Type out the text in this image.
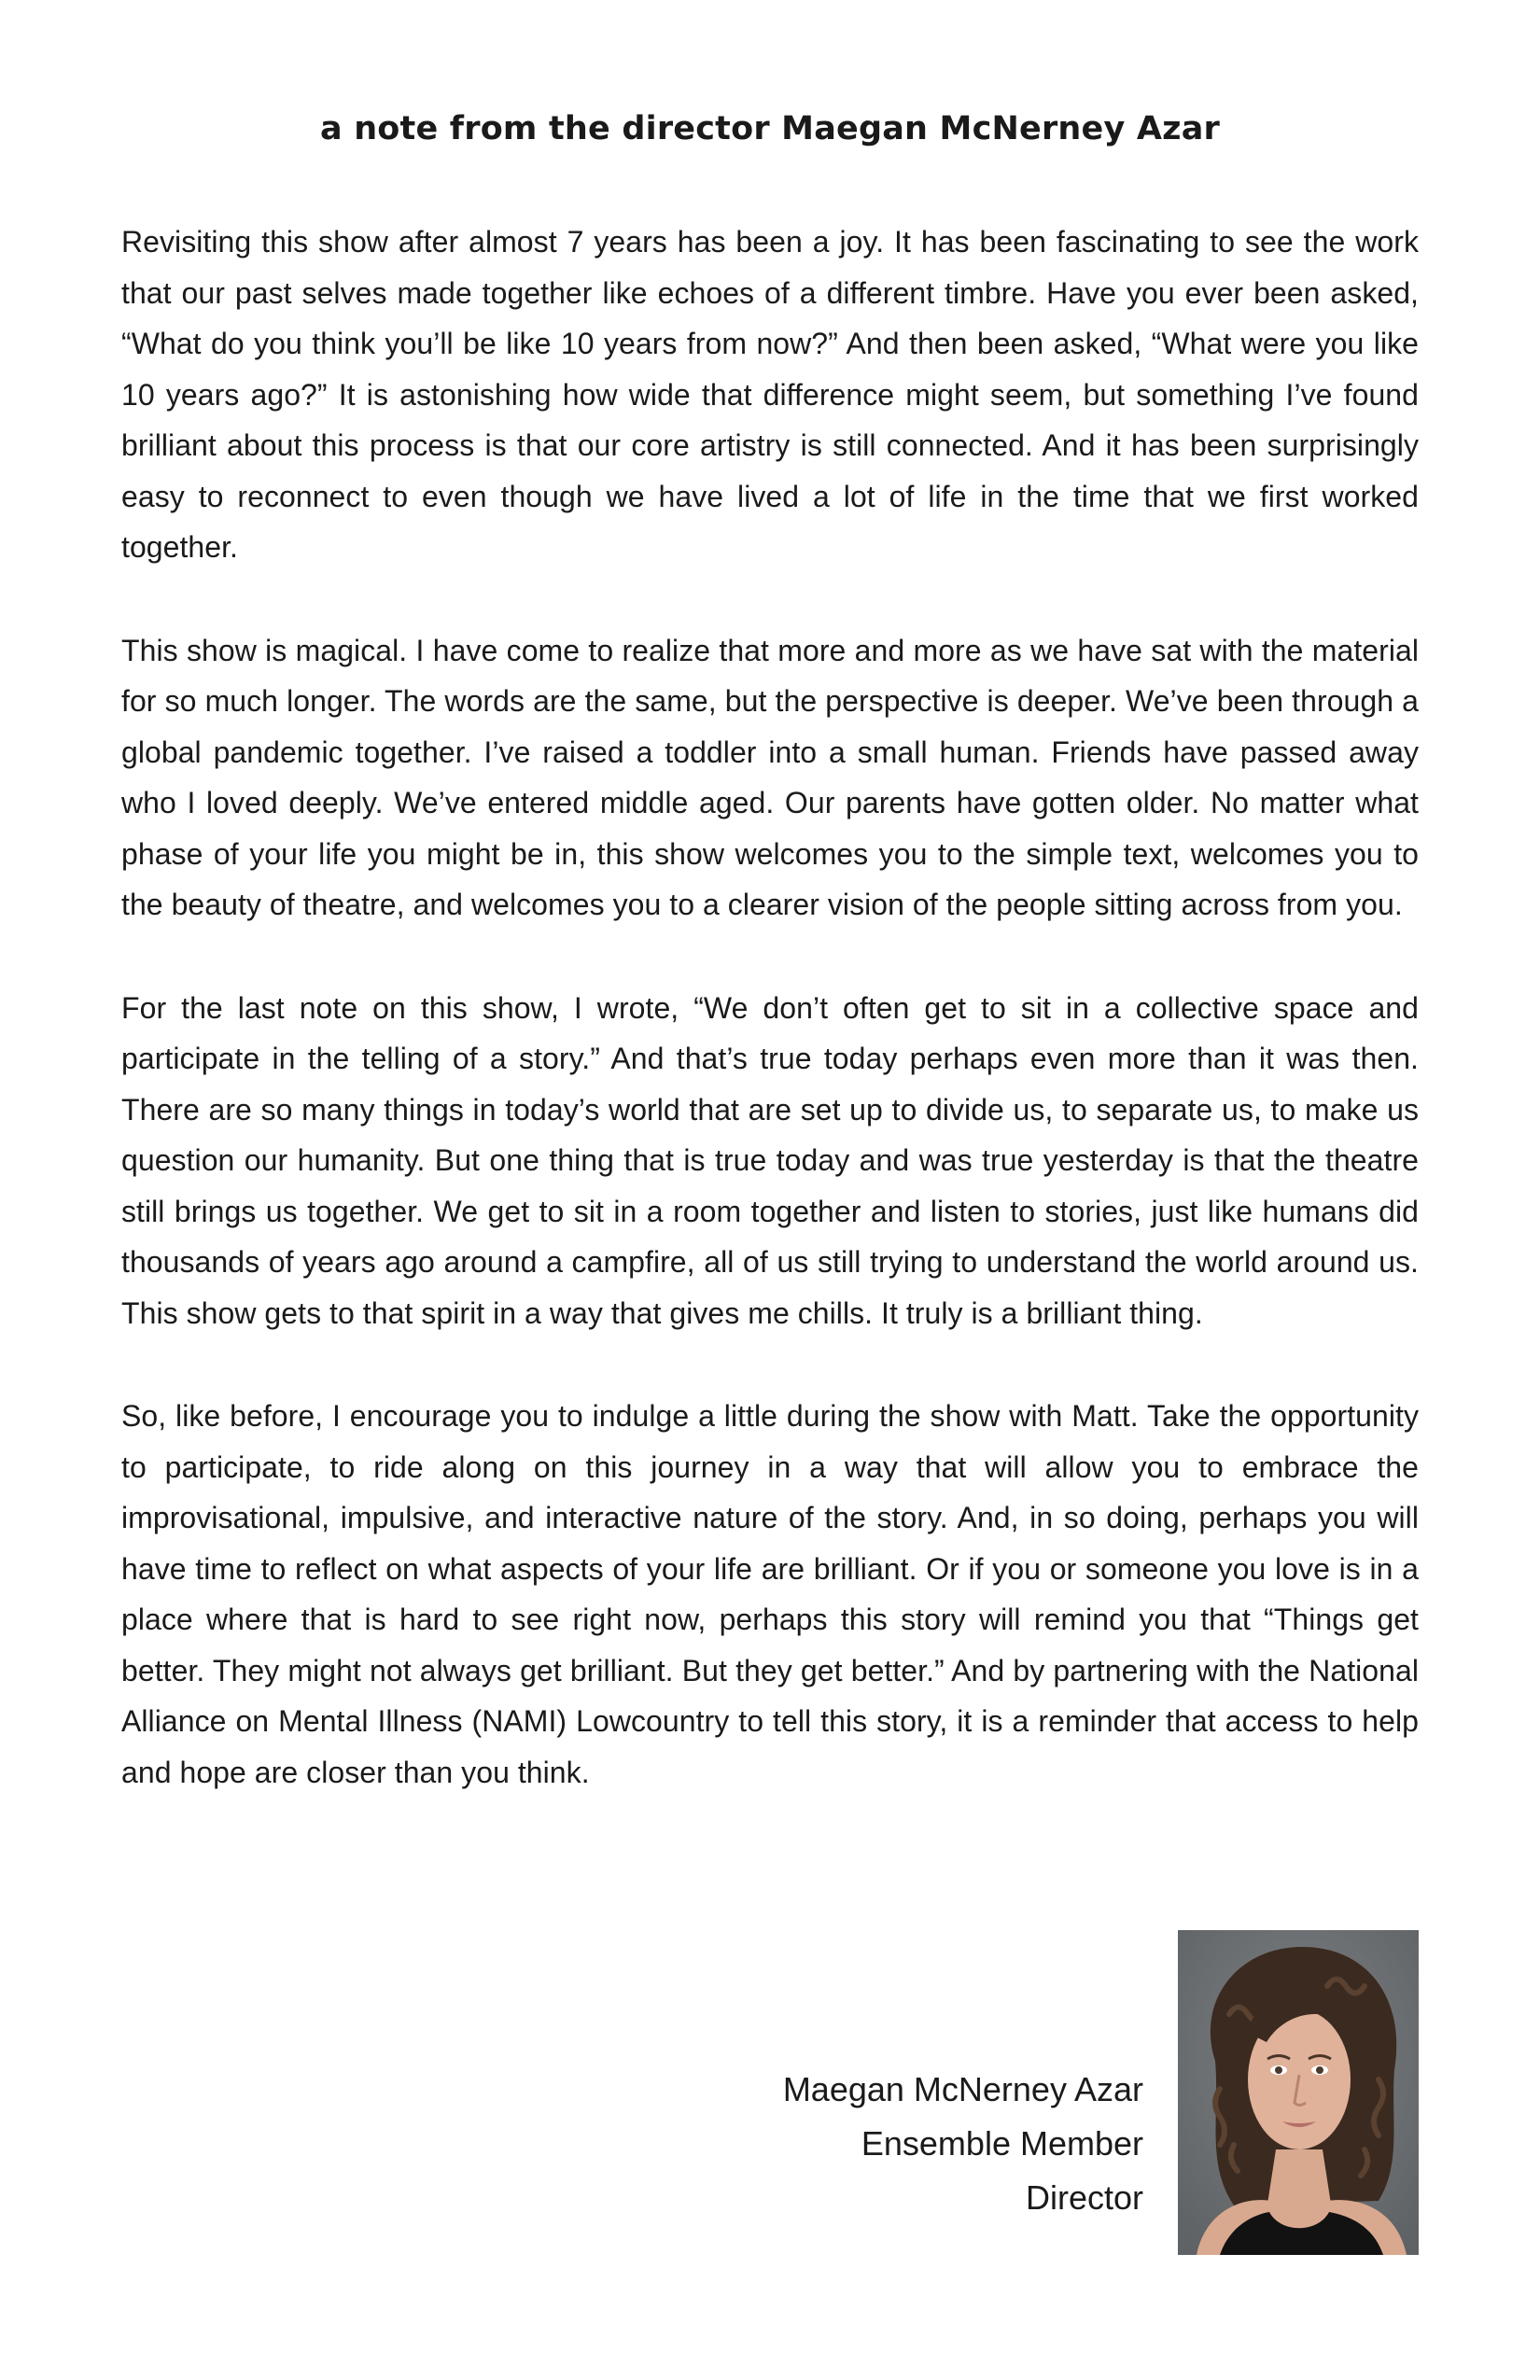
a note from the director Maegan McNerney Azar

Revisiting this show after almost 7 years has been a joy. It has been fascinating to see the work that our past selves made together like echoes of a different timbre. Have you ever been asked, “What do you think you’ll be like 10 years from now?” And then been asked, “What were you like 10 years ago?” It is astonishing how wide that difference might seem, but something I’ve found brilliant about this process is that our core artistry is still connected. And it has been surprisingly easy to reconnect to even though we have lived a lot of life in the time that we first worked together.

This show is magical. I have come to realize that more and more as we have sat with the material for so much longer. The words are the same, but the perspective is deeper. We’ve been through a global pandemic together. I’ve raised a toddler into a small human. Friends have passed away who I loved deeply. We’ve entered middle aged. Our parents have gotten older. No matter what phase of your life you might be in, this show welcomes you to the simple text, welcomes you to the beauty of theatre, and welcomes you to a clearer vision of the people sitting across from you.

For the last note on this show, I wrote, “We don’t often get to sit in a collective space and participate in the telling of a story.” And that’s true today perhaps even more than it was then. There are so many things in today’s world that are set up to divide us, to separate us, to make us question our humanity. But one thing that is true today and was true yesterday is that the theatre still brings us together. We get to sit in a room together and listen to stories, just like humans did thousands of years ago around a campfire, all of us still trying to understand the world around us. This show gets to that spirit in a way that gives me chills. It truly is a brilliant thing.

So, like before, I encourage you to indulge a little during the show with Matt. Take the opportunity to participate, to ride along on this journey in a way that will allow you to embrace the improvisational, impulsive, and interactive nature of the story. And, in so doing, perhaps you will have time to reflect on what aspects of your life are brilliant. Or if you or someone you love is in a place where that is hard to see right now, perhaps this story will remind you that “Things get better. They might not always get brilliant. But they get better.” And by partnering with the National Alliance on Mental Illness (NAMI) Lowcountry to tell this story, it is a reminder that access to help and hope are closer than you think.

Maegan McNerney Azar
Ensemble Member
Director
